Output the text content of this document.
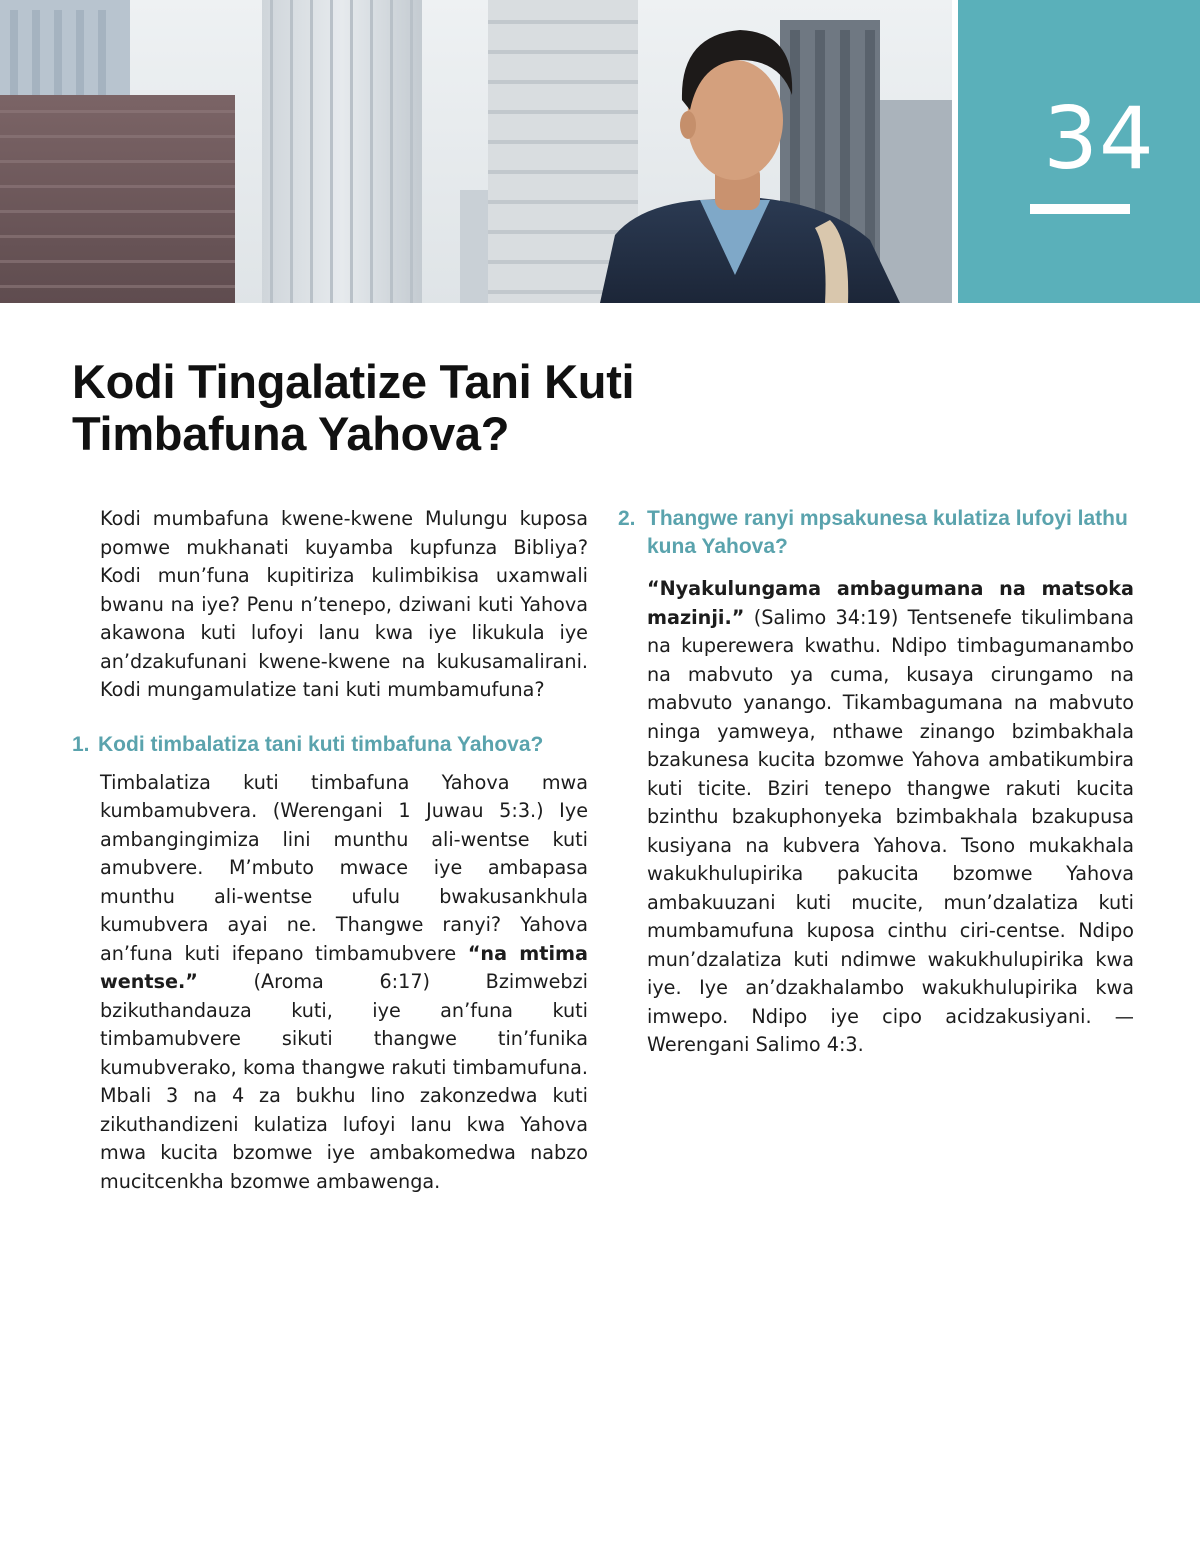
34
Kodi Tingalatize Tani Kuti Timbafuna Yahova?

Kodi mumbafuna kwene-kwene Mulungu kuposa pomwe mukhanati kuyamba kupfunza Bibliya? Kodi mun’funa kupitiriza kulimbikisa uxamwali bwanu na iye? Penu n’tenepo, dziwani kuti Yahova akawona kuti lufoyi lanu kwa iye likukula iye an’dzakufunani kwene-kwene na kukusamalirani. Kodi mungamulatize tani kuti mumbamufuna?

1. Kodi timbalatiza tani kuti timbafuna Yahova?

Timbalatiza kuti timbafuna Yahova mwa kumbamubvera. (Werengani 1 Juwau 5:3.) Iye ambangingimiza lini munthu ali-wentse kuti amubvere. M’mbuto mwace iye ambapasa munthu ali-wentse ufulu bwakusankhula kumubvera ayai ne. Thangwe ranyi? Yahova an’funa kuti ifepano timbamubvere “na mtima wentse.” (Aroma 6:17) Bzimwebzi bzikuthandauza kuti, iye an’funa kuti timbamubvere sikuti thangwe tin’funika kumubverako, koma thangwe rakuti timbamufuna. Mbali 3 na 4 za bukhu lino zakonzedwa kuti zikuthandizeni kulatiza lufoyi lanu kwa Yahova mwa kucita bzomwe iye ambakomedwa nabzo mucitcenkha bzomwe ambawenga.

2. Thangwe ranyi mpsakunesa kulatiza lufoyi lathu kuna Yahova?

“Nyakulungama ambagumana na matsoka mazinji.” (Salimo 34:19) Tentsenefe tikulimbana na kuperewera kwathu. Ndipo timbagumanambo na mabvuto ya cuma, kusaya cirungamo na mabvuto yanango. Tikambagumana na mabvuto ninga yamweya, nthawe zinango bzimbakhala bzakunesa kucita bzomwe Yahova ambatikumbira kuti ticite. Bziri tenepo thangwe rakuti kucita bzinthu bzakuphonyeka bzimbakhala bzakupusa kusiyana na kubvera Yahova. Tsono mukakhala wakukhulupirika pakucita bzomwe Yahova ambakuuzani kuti mucite, mun’dzalatiza kuti mumbamufuna kuposa cinthu ciri-centse. Ndipo mun’dzalatiza kuti ndimwe wakukhulupirika kwa iye. Iye an’dzakhalambo wakukhulupirika kwa imwepo. Ndipo iye cipo acidzakusiyani. — Werengani Salimo 4:3.
